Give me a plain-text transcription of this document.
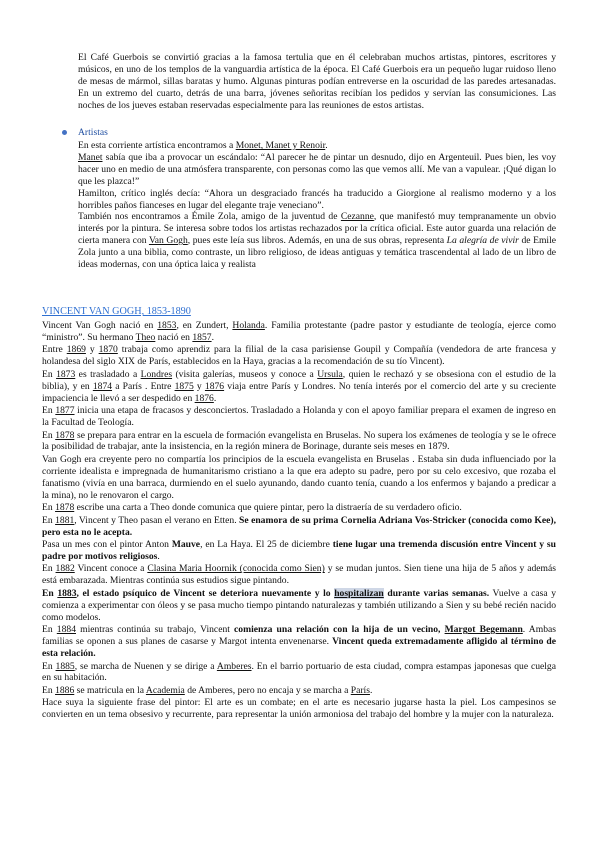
El Café Guerbois se convirtió gracias a la famosa tertulia que en él celebraban muchos artistas, pintores, escritores y músicos, en uno de los templos de la vanguardia artística de la época. El Café Guerbois era un pequeño lugar ruidoso lleno de mesas de mármol, sillas baratas y humo. Algunas pinturas podían entreverse en la oscuridad de las paredes artesanadas. En un extremo del cuarto, detrás de una barra, jóvenes señoritas recibían los pedidos y servían las consumiciones. Las noches de los jueves estaban reservadas especialmente para las reuniones de estos artistas.

Artistas

En esta corriente artística encontramos a Monet, Manet y Renoir.

Manet sabía que iba a provocar un escándalo: “Al parecer he de pintar un desnudo, dijo en Argenteuil. Pues bien, les voy hacer uno en medio de una atmósfera transparente, con personas como las que vemos allí. Me van a vapulear. ¡Qué digan lo que les plazca!”

Hamilton, crítico inglés decía: “Ahora un desgraciado francés ha traducido a Giorgione al realismo moderno y a los horribles paños fianceses en lugar del elegante traje veneciano”.

También nos encontramos a Émile Zola, amigo de la juventud de Cezanne, que manifestó muy tempranamente un obvio interés por la pintura. Se interesa sobre todos los artistas rechazados por la crítica oficial. Este autor guarda una relación de cierta manera con Van Gogh, pues este leía sus libros. Además, en una de sus obras, representa La alegría de vivir de Emile Zola junto a una biblia, como contraste, un libro religioso, de ideas antiguas y temática trascendental al lado de un libro de ideas modernas, con una óptica laica y realista

VINCENT VAN GOGH, 1853-1890

Vincent Van Gogh nació en 1853, en Zundert, Holanda. Familia protestante (padre pastor y estudiante de teología, ejerce como “ministro”. Su hermano Theo nació en 1857.

Entre 1869 y 1870 trabaja como aprendiz para la filial de la casa parisiense Goupil y Compañía (vendedora de arte francesa y holandesa del siglo XIX de París, establecidos en la Haya, gracias a la recomendación de su tío Vincent).

En 1873 es trasladado a Londres (visita galerías, museos y conoce a Ursula, quien le rechazó y se obsesiona con el estudio de la biblia), y en 1874 a París . Entre 1875 y 1876 viaja entre París y Londres. No tenía interés por el comercio del arte y su creciente impaciencia le llevó a ser despedido en 1876.

En 1877 inicia una etapa de fracasos y desconciertos. Trasladado a Holanda y con el apoyo familiar prepara el examen de ingreso en la Facultad de Teología.

En 1878 se prepara para entrar en la escuela de formación evangelista en Bruselas. No supera los exámenes de teología y se le ofrece la posibilidad de trabajar, ante la insistencia, en la región minera de Borinage, durante seis meses en 1879.

Van Gogh era creyente pero no compartía los principios de la escuela evangelista en Bruselas . Estaba sin duda influenciado por la corriente idealista e impregnada de humanitarismo cristiano a la que era adepto su padre, pero por su celo excesivo, que rozaba el fanatismo (vivía en una barraca, durmiendo en el suelo ayunando, dando cuanto tenía, cuando a los enfermos y bajando a predicar a la mina), no le renovaron el cargo.

En 1878 escribe una carta a Theo donde comunica que quiere pintar, pero la distraería de su verdadero oficio.

En 1881, Vincent y Theo pasan el verano en Etten. Se enamora de su prima Cornelia Adriana Vos-Stricker (conocida como Kee), pero esta no le acepta.

Pasa un mes con el pintor Anton Mauve, en La Haya. El 25 de diciembre tiene lugar una tremenda discusión entre Vincent y su padre por motivos religiosos.

En 1882 Vincent conoce a Clasina Maria Hoornik (conocida como Sien) y se mudan juntos. Sien tiene una hija de 5 años y además está embarazada. Mientras continúa sus estudios sigue pintando.

En 1883, el estado psíquico de Vincent se deteriora nuevamente y lo hospitalizan durante varias semanas. Vuelve a casa y comienza a experimentar con óleos y se pasa mucho tiempo pintando naturalezas y también utilizando a Sien y su bebé recién nacido como modelos.

En 1884 mientras continúa su trabajo, Vincent comienza una relación con la hija de un vecino, Margot Begemann. Ambas familias se oponen a sus planes de casarse y Margot intenta envenenarse. Vincent queda extremadamente afligido al término de esta relación.

En 1885, se marcha de Nuenen y se dirige a Amberes. En el barrio portuario de esta ciudad, compra estampas japonesas que cuelga en su habitación.

En 1886 se matricula en la Academia de Amberes, pero no encaja y se marcha a París.

Hace suya la siguiente frase del pintor: El arte es un combate; en el arte es necesario jugarse hasta la piel. Los campesinos se convierten en un tema obsesivo y recurrente, para representar la unión armoniosa del trabajo del hombre y la mujer con la naturaleza.
